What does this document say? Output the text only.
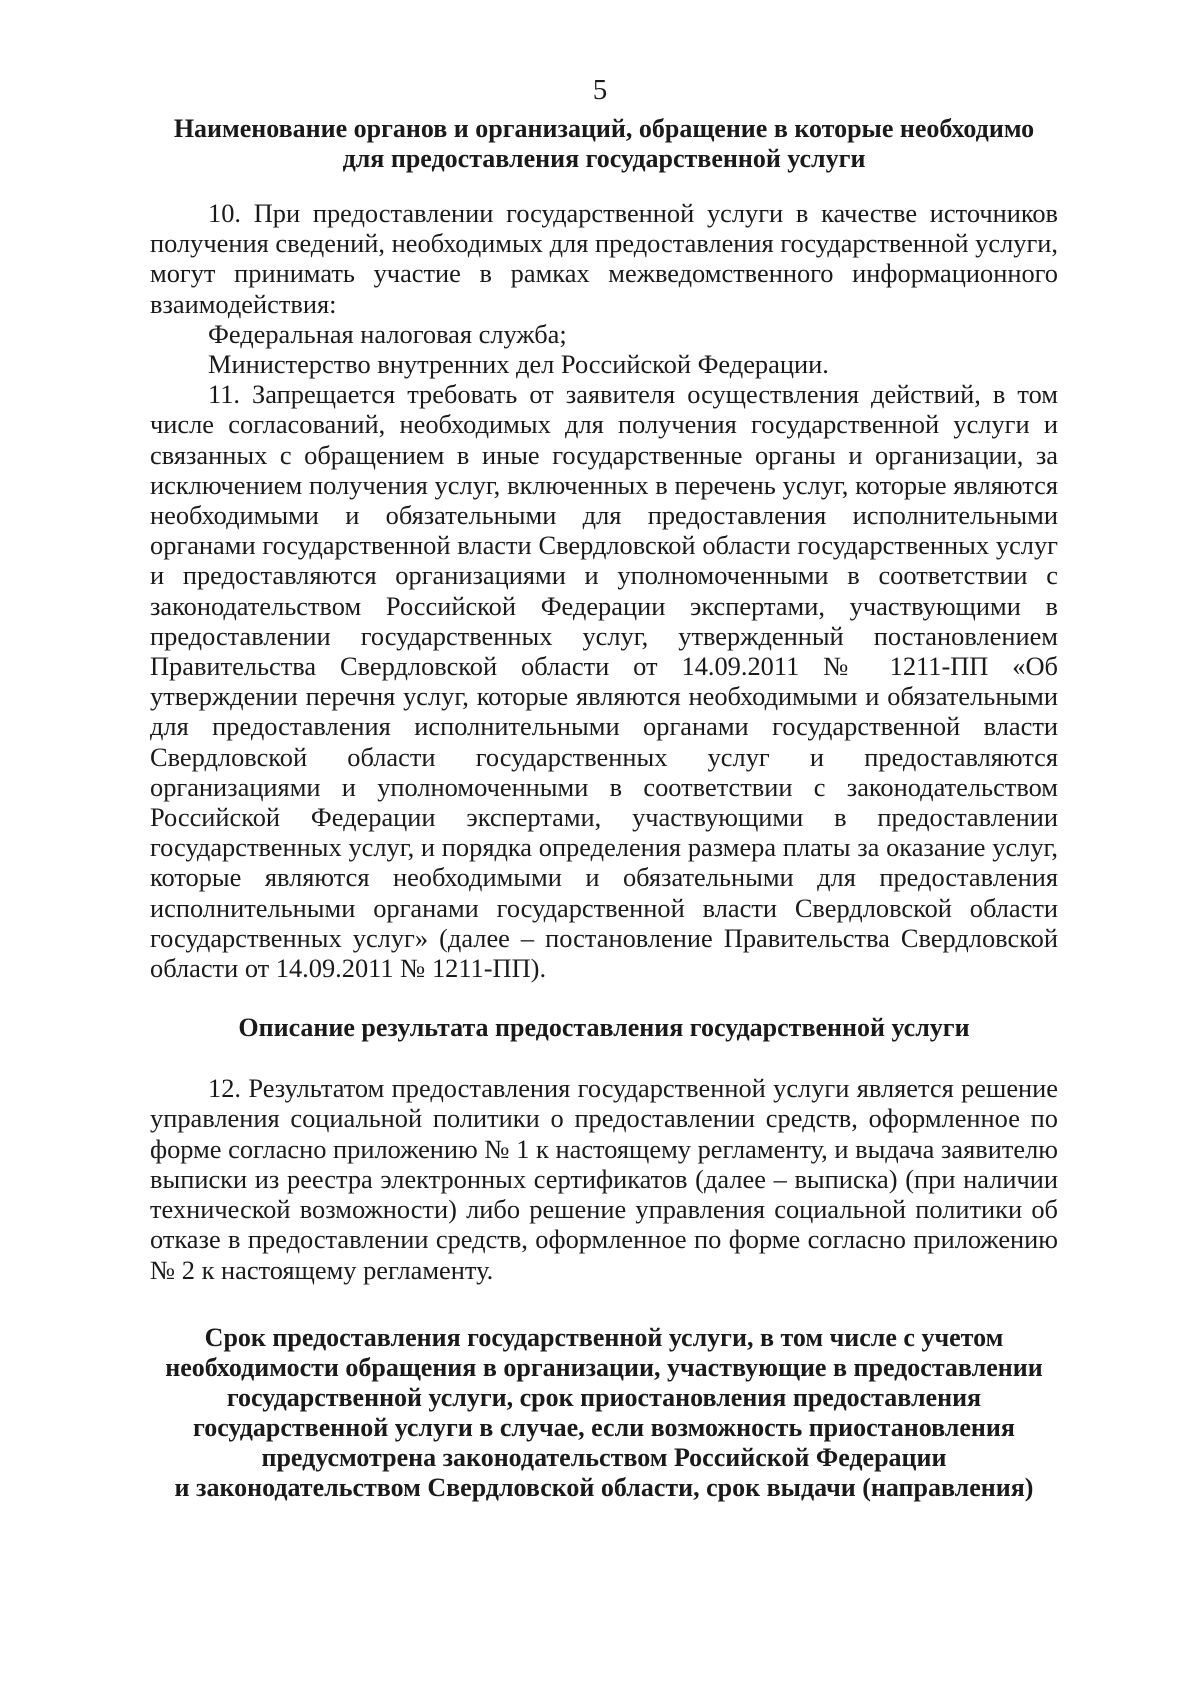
5
Наименование органов и организаций, обращение в которые необходимо
для предоставления государственной услуги

10. При предоставлении государственной услуги в качестве источников получения сведений, необходимых для предоставления государственной услуги, могут принимать участие в рамках межведомственного информационного взаимодействия:

Федеральная налоговая служба;

Министерство внутренних дел Российской Федерации.

11. Запрещается требовать от заявителя осуществления действий, в том числе согласований, необходимых для получения государственной услуги и связанных с обращением в иные государственные органы и организации, за исключением получения услуг, включенных в перечень услуг, которые являются необходимыми и обязательными для предоставления исполнительными органами государственной власти Свердловской области государственных услуг и предоставляются организациями и уполномоченными в соответствии с законодательством Российской Федерации экспертами, участвующими в предоставлении государственных услуг, утвержденный постановлением Правительства Свердловской области от 14.09.2011 № 1211-ПП «Об утверждении перечня услуг, которые являются необходимыми и обязательными для предоставления исполнительными органами государственной власти Свердловской области государственных услуг и предоставляются организациями и уполномоченными в соответствии с законодательством Российской Федерации экспертами, участвующими в предоставлении государственных услуг, и порядка определения размера платы за оказание услуг, которые являются необходимыми и обязательными для предоставления исполнительными органами государственной власти Свердловской области государственных услуг» (далее – постановление Правительства Свердловской области от 14.09.2011 № 1211-ПП).

Описание результата предоставления государственной услуги

12. Результатом предоставления государственной услуги является решение управления социальной политики о предоставлении средств, оформленное по форме согласно приложению № 1 к настоящему регламенту, и выдача заявителю выписки из реестра электронных сертификатов (далее – выписка) (при наличии технической возможности) либо решение управления социальной политики об отказе в предоставлении средств, оформленное по форме согласно приложению № 2 к настоящему регламенту.

Срок предоставления государственной услуги, в том числе с учетом
необходимости обращения в организации, участвующие в предоставлении
государственной услуги, срок приостановления предоставления
государственной услуги в случае, если возможность приостановления
предусмотрена законодательством Российской Федерации
и законодательством Свердловской области, срок выдачи (направления)
